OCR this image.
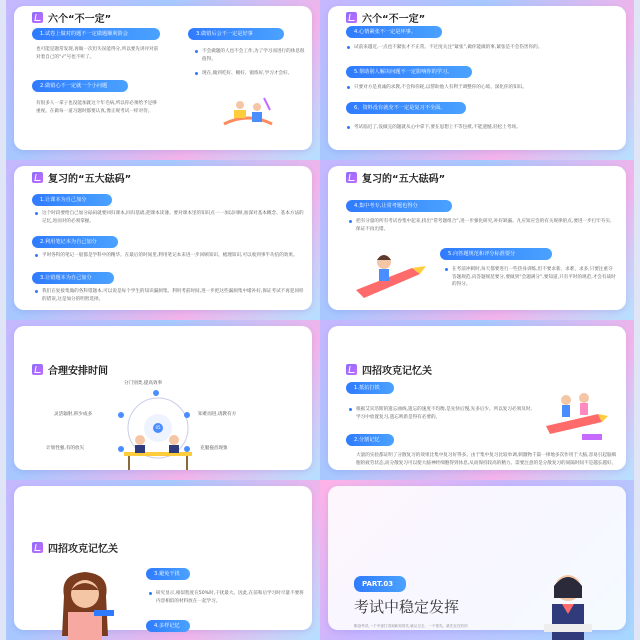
六个“不一定”
1.试卷上做对的题不一定做题顺利阶会
也可能是题常发现,再做一次但失误能得分,所以要先讲评对前对着自己的“√”号也不听了。
2.做错心不一定就一个小问题
有很多人一拿子也没能加就这个年毛病,所以你必须给予足够重视。在做每一道习题时都要认真,像正规考试一样对待。
3.做错后会不一定是好事
不会做题的人也不会工作,为了学习而进行的休息很值得。
现在,做到吃好、睡好、锻炼好,学习才会好。
六个“不一定”
4.心情紧张不一定是坏事。
试前来越近,一点也不紧张才不正常。不过度关注“紧张”,做你能做的事,紧张是不会伤害你的。
5.帮助别人解决问题不一定影响你的学习。
只要对方是真诚的求教,不会和你耗,以帮助他人有利于调整你的心境、深化你的知识。
6、资料没有就充不一定是复习不全面。
考试临近了,没做完的题就从心中拿下,要在思想上不等包袱,不能遗憾,轻松上考场。
复习的“五大砝码”
1.让课本为自己加分
这个时段要给自己加分砝码就要回归课本,回归基础,把课本读薄。要对课本里的知识点一一加以回顾,加深对基本概念、基本方法的记忆,进而对的必须掌握。
2.利用笔记本为自己加分
平时各科的笔记一般都是学科中的精华。在最后的时间里,利用笔记本来进一步回顾知识、梳理知识,可以收到事半功倍的效果。
3.让错题本为自己加分
我们在复接集做的各科错题本,可以说是每个学生的知识漏洞集。利用考前时间,进一步把这些漏洞集中堵补好,保证考试不再犯同样的错误,这是加分的明智选择。
复习的“五大砝码”
4.集中考专,让常考题也得分
把有分量的所有考试卷集中起来,找出“常考题组合”,进一步强化研究,补好缺漏。凡应知应会的有关规律的点,要进一步打牢夯实,保证不再出错。
5.向答题规范和评分标准要分
在考前冲刺时,每天都要进行一些热身训练,但不要求新、求难、求多,只要注重夺答题规范,向答题规范要分,要做到“会题满分”,要知道,只有平时的规范,才会有战时的得分。
合理安排时间
05
分门别类,提高效率
知难而进,请教有方
克服拖沓现象
计划性强,有的放矢
灵活辐射,积少成多
四招攻克记忆关
1.抵抗打铁
根据艾宾浩斯的遗忘曲线,遗忘的速度不均衡,是先快后慢,先多后少。所以复习必须及时,学习中放置复习,遗忘则新是得有必要的。
2.分割记忆
大量的实验都证明了分散复习的效果比集中复习好得多。由于集中复习比较单调,刺激物千篇一律地多次作用于大脑,容易引起脑细胞的疲劳状态,而分散复习可以使大脑神经细胞得到休息,从而保持较高的精力。需要注意的是分散复习的间隔时间不是越长越好。
四招攻克记忆关
3.避免干扰
研究显示,相似程度在50%时,干扰最大。因此,在前和后学习时尽量不要将内容相似的材料放在一起学习。
4.多样记忆
PART.03
考试中稳定发挥
勤奋考试,一个中颈打得到新知领先,就从过去、一个领先。最先在在的的
